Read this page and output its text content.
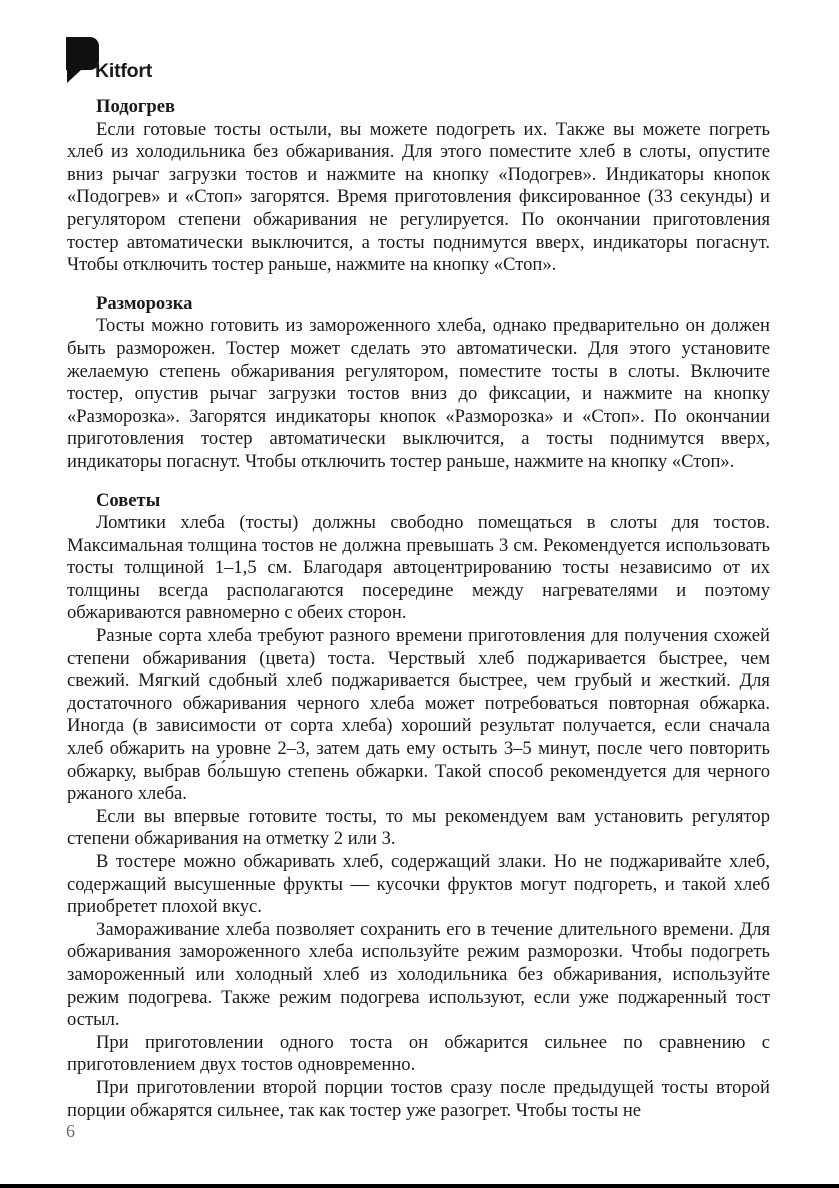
Kitfort

Подогрев

Если готовые тосты остыли, вы можете подогреть их. Также вы можете погреть хлеб из холодильника без обжаривания. Для этого поместите хлеб в слоты, опустите вниз рычаг загрузки тостов и нажмите на кнопку «Подогрев». Индикаторы кнопок «Подогрев» и «Стоп» загорятся. Время приготовления фиксированное (33 секунды) и регулятором степени обжаривания не регулируется. По окончании приготовления тостер автоматически выключится, а тосты поднимутся вверх, индикаторы погаснут. Чтобы отключить тостер раньше, нажмите на кнопку «Стоп».

Разморозка

Тосты можно готовить из замороженного хлеба, однако предварительно он должен быть разморожен. Тостер может сделать это автоматически. Для этого установите желаемую степень обжаривания регулятором, поместите тосты в слоты. Включите тостер, опустив рычаг загрузки тостов вниз до фиксации, и нажмите на кнопку «Разморозка». Загорятся индикаторы кнопок «Разморозка» и «Стоп». По окончании приготовления тостер автоматически выключится, а тосты поднимутся вверх, индикаторы погаснут. Чтобы отключить тостер раньше, нажмите на кнопку «Стоп».

Советы

Ломтики хлеба (тосты) должны свободно помещаться в слоты для тостов. Максимальная толщина тостов не должна превышать 3 см. Рекомендуется использовать тосты толщиной 1–1,5 см. Благодаря автоцентрированию тосты независимо от их толщины всегда располагаются посередине между нагревателями и поэтому обжариваются равномерно с обеих сторон.

Разные сорта хлеба требуют разного времени приготовления для получения схожей степени обжаривания (цвета) тоста. Черствый хлеб поджаривается быстрее, чем свежий. Мягкий сдобный хлеб поджаривается быстрее, чем грубый и жесткий. Для достаточного обжаривания черного хлеба может потребоваться повторная обжарка. Иногда (в зависимости от сорта хлеба) хороший результат получается, если сначала хлеб обжарить на уровне 2–3, затем дать ему остыть 3–5 минут, после чего повторить обжарку, выбрав бо́льшую степень обжарки. Такой способ рекомендуется для черного ржаного хлеба.

Если вы впервые готовите тосты, то мы рекомендуем вам установить регулятор степени обжаривания на отметку 2 или 3.

В тостере можно обжаривать хлеб, содержащий злаки. Но не поджаривайте хлеб, содержащий высушенные фрукты — кусочки фруктов могут подгореть, и такой хлеб приобретет плохой вкус.

Замораживание хлеба позволяет сохранить его в течение длительного времени. Для обжаривания замороженного хлеба используйте режим разморозки. Чтобы подогреть замороженный или холодный хлеб из холодильника без обжаривания, используйте режим подогрева. Также режим подогрева используют, если уже поджаренный тост остыл.

При приготовлении одного тоста он обжарится сильнее по сравнению с приготовлением двух тостов одновременно.

При приготовлении второй порции тостов сразу после предыдущей тосты второй порции обжарятся сильнее, так как тостер уже разогрет. Чтобы тосты не

6
